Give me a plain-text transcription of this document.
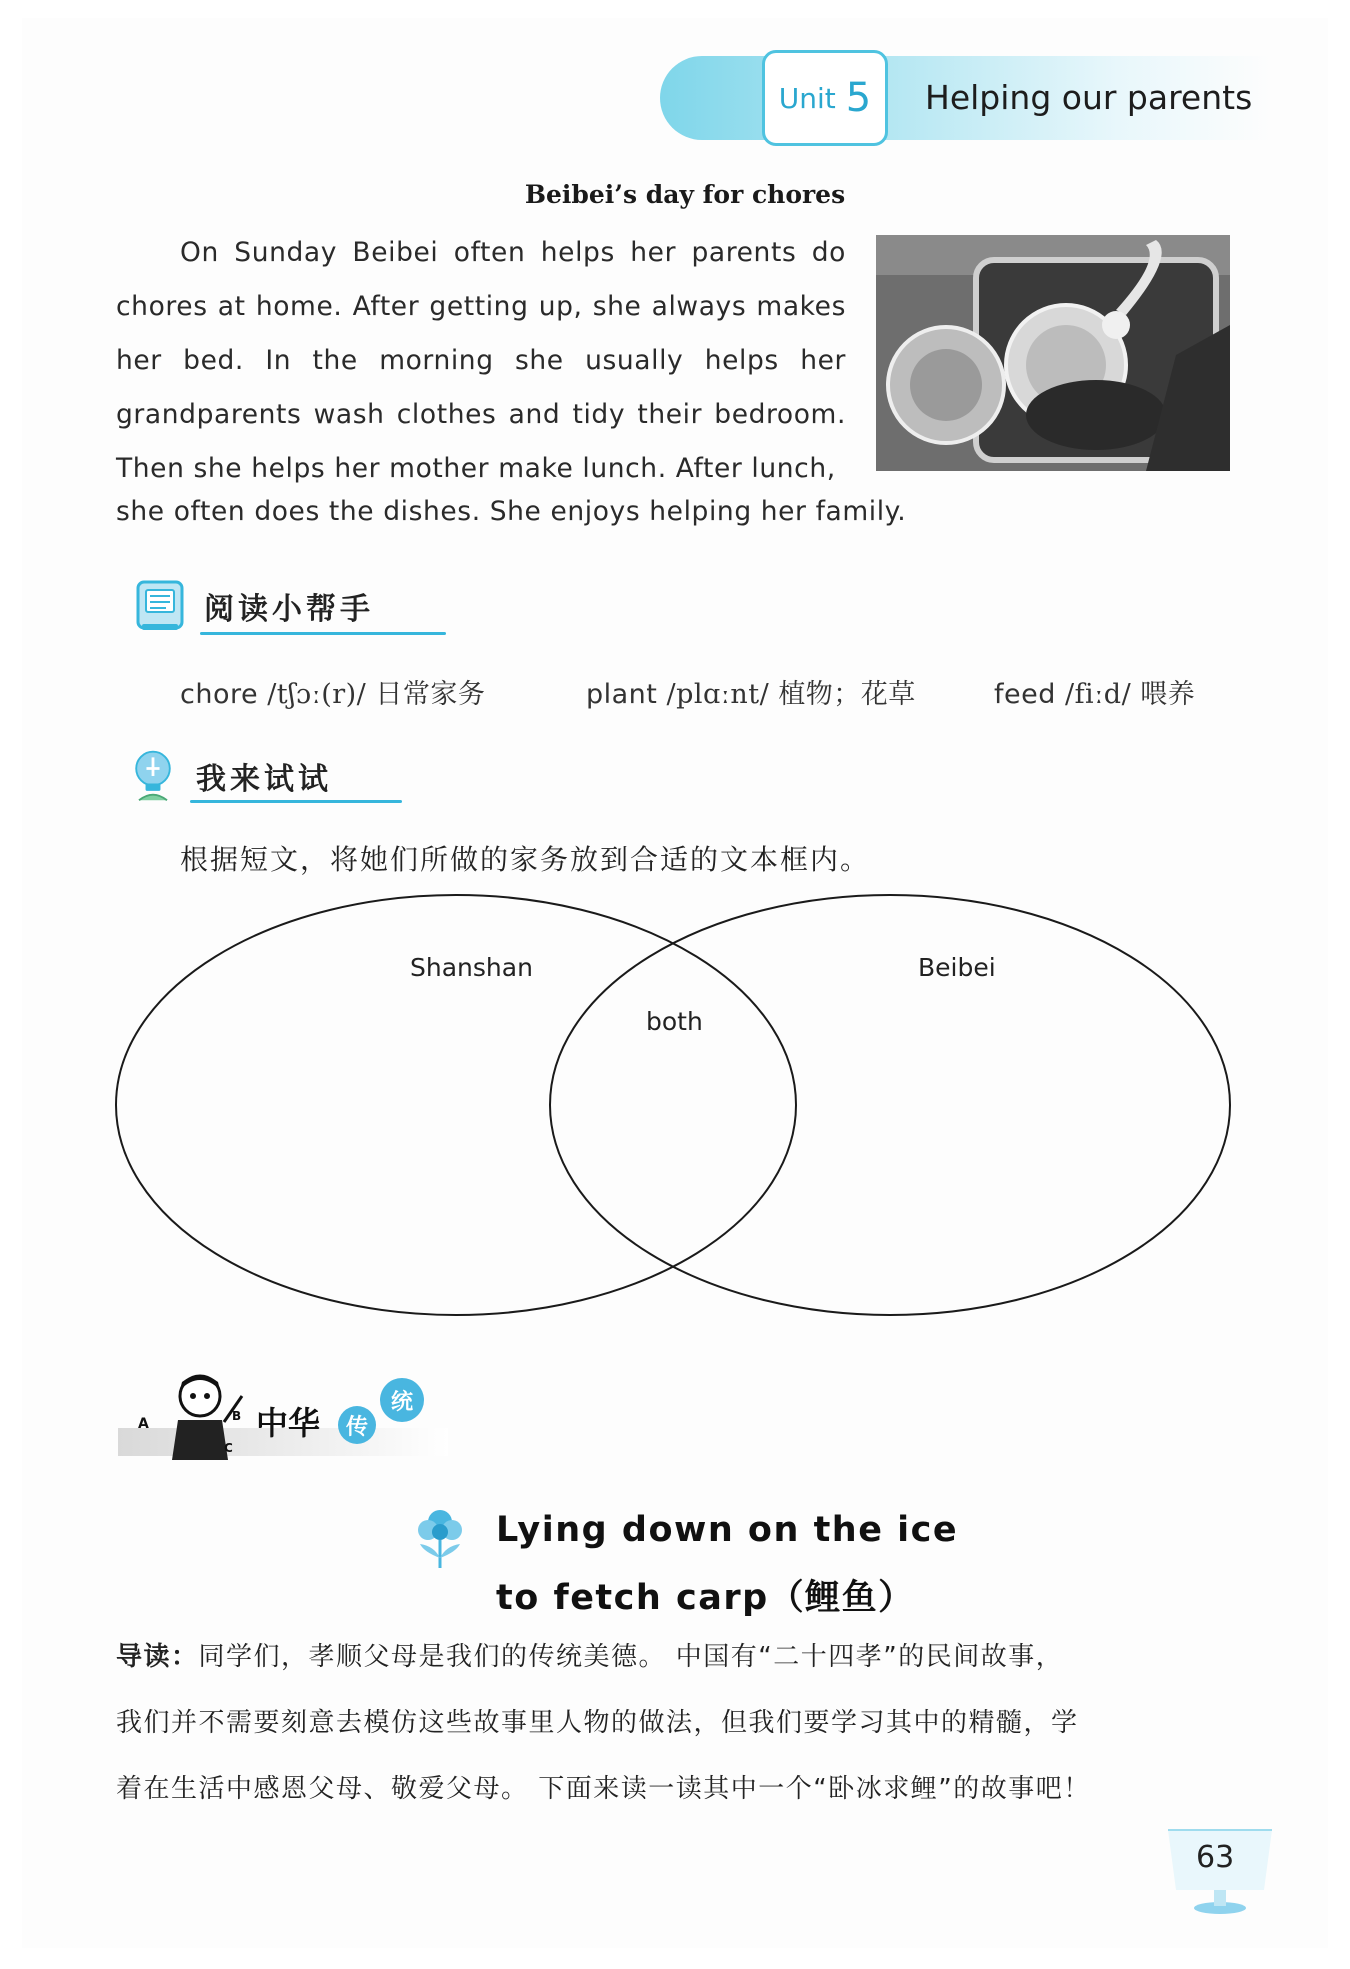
Unit 5 Helping our parents
Beibei’s day for chores
On Sunday Beibei often helps her parents do chores at home. After getting up, she always makes her bed. In the morning she usually helps her grandparents wash clothes and tidy their bedroom. Then she helps her mother make lunch. After lunch,
she often does the dishes. She enjoys helping her family.
阅读小帮手
chore /tʃɔː(r)/ 日常家务	plant /plɑːnt/ 植物；花草	feed /fiːd/ 喂养
我来试试
根据短文，将她们所做的家务放到合适的文本框内。
Shanshan
both
Beibei
A	B
C
中华	传
统
Lying down on the ice
to fetch carp（鲤鱼）
导读：同学们，孝顺父母是我们的传统美德。 中国有“二十四孝”的民间故事，
我们并不需要刻意去模仿这些故事里人物的做法，但我们要学习其中的精髓，学
着在生活中感恩父母、敬爱父母。 下面来读一读其中一个“卧冰求鲤”的故事吧！
63
